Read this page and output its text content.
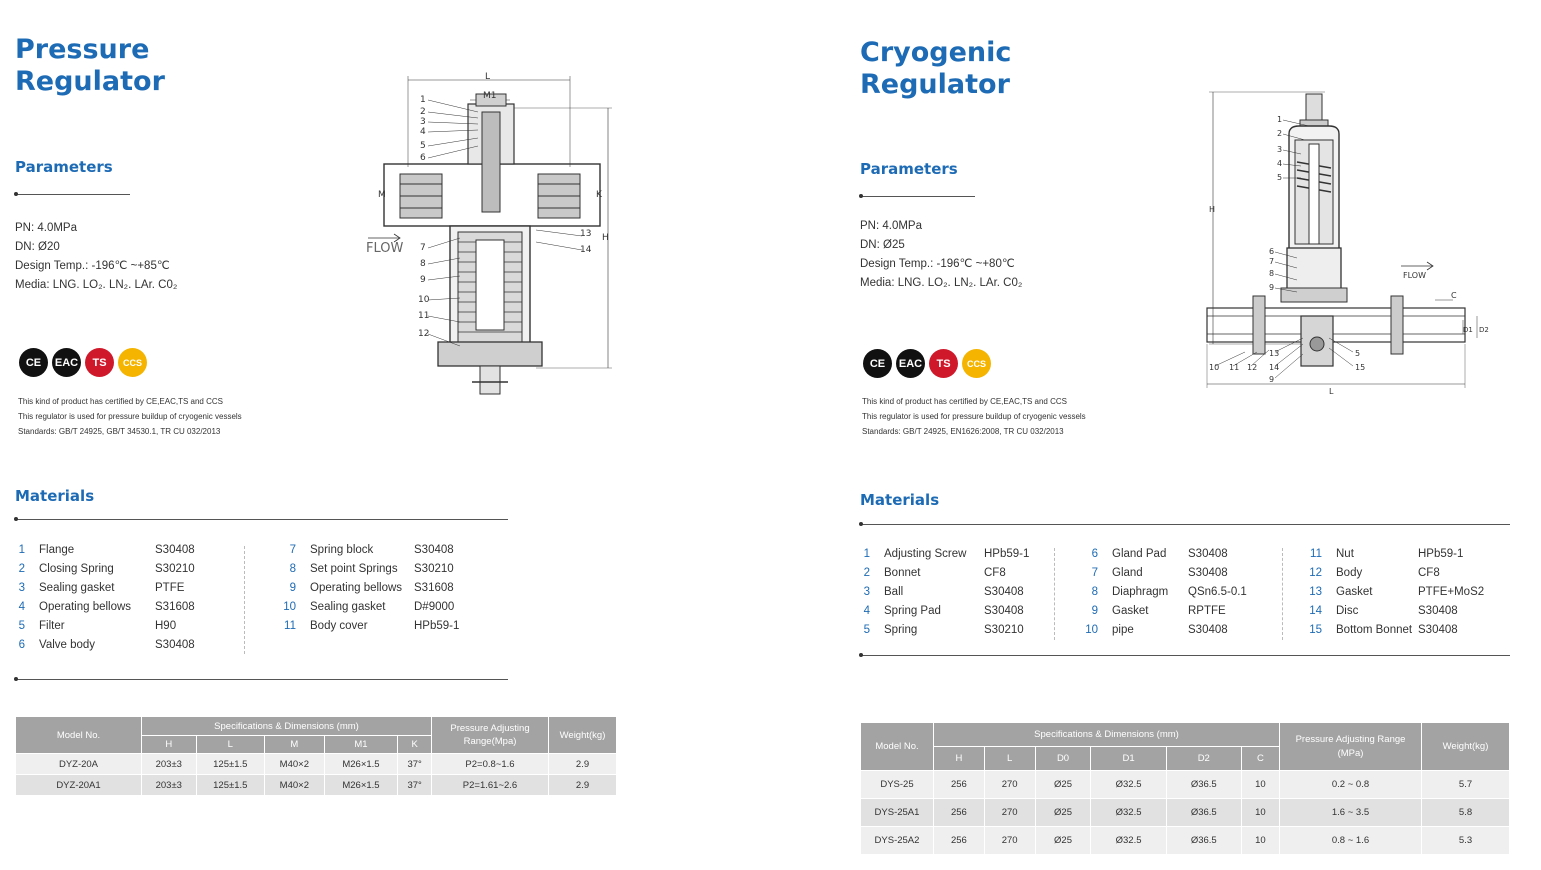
Pressure
Regulator
Parameters
PN: 4.0MPa
DN: Ø20
Design Temp.: -196℃ ~+85℃
Media: LNG. LO₂. LN₂. LAr. C0₂
CE	EAC	TS	CCS
This kind of product has certified by CE,EAC,TS and CCS
This regulator is used for pressure buildup of cryogenic vessels
Standards: GB/T 24925, GB/T 34530.1, TR CU 032/2013
Materials
1 Flange	S30408
2 Closing Spring	S30210
3 Sealing gasket	PTFE
4 Operating bellows	S31608
5 Filter	H90
6 Valve body	S30408
7 Spring block	S30408
8 Set point Springs	S30210
9 Operating bellows	S31608
10 Sealing gasket	D#9000
11 Body cover	HPb59-1
Model No.	Specifications & Dimensions (mm)					Pressure Adjusting
Range(Mpa)	Weight(kg)
	H	L	M	M1	K		
DYZ-20A	203±3	125±1.5	M40×2	M26×1.5	37°	P2=0.8~1.6	2.9
DYZ-20A1	203±3	125±1.5	M40×2	M26×1.5	37°	P2=1.61~2.6	2.9
L
M1
M	K
H
FLOW
1
2
3
4
5
6
7
8
9
10
11
12
13
14
Cryogenic
Regulator
Parameters
PN: 4.0MPa
DN: Ø25
Design Temp.: -196℃ ~+80℃
Media: LNG. LO₂. LN₂. LAr. C0₂
CE	EAC	TS	CCS
This kind of product has certified by CE,EAC,TS and CCS
This regulator is used for pressure buildup of cryogenic vessels
Standards: GB/T 24925, EN1626:2008, TR CU 032/2013
Materials
1 Adjusting Screw	HPb59-1
2 Bonnet	CF8
3 Ball	S30408
4 Spring Pad	S30408
5 Spring	S30210
6 Gland Pad	S30408
7 Gland	S30408
8 Diaphragm	QSn6.5-0.1
9 Gasket	RPTFE
10 pipe	S30408
11 Nut	HPb59-1
12 Body	CF8
13 Gasket	PTFE+MoS2
14 Disc	S30408
15 Bottom Bonnet S30408
Model No.	Specifications & Dimensions (mm)						Pressure Adjusting Range
(MPa)	Weight(kg)
	H	L	D0	D1	D2	C		
DYS-25	256	270	Ø25	Ø32.5	Ø36.5	10	0.2 ~ 0.8	5.7
DYS-25A1	256	270	Ø25	Ø32.5	Ø36.5	10	1.6 ~ 3.5	5.8
DYS-25A2	256	270	Ø25	Ø32.5	Ø36.5	10	0.8 ~ 1.6	5.3
H
L
C
D1 D2
FLOW
1
2
3
4
5
6
7
8
9
10 11 12
13
14
9
5
15
